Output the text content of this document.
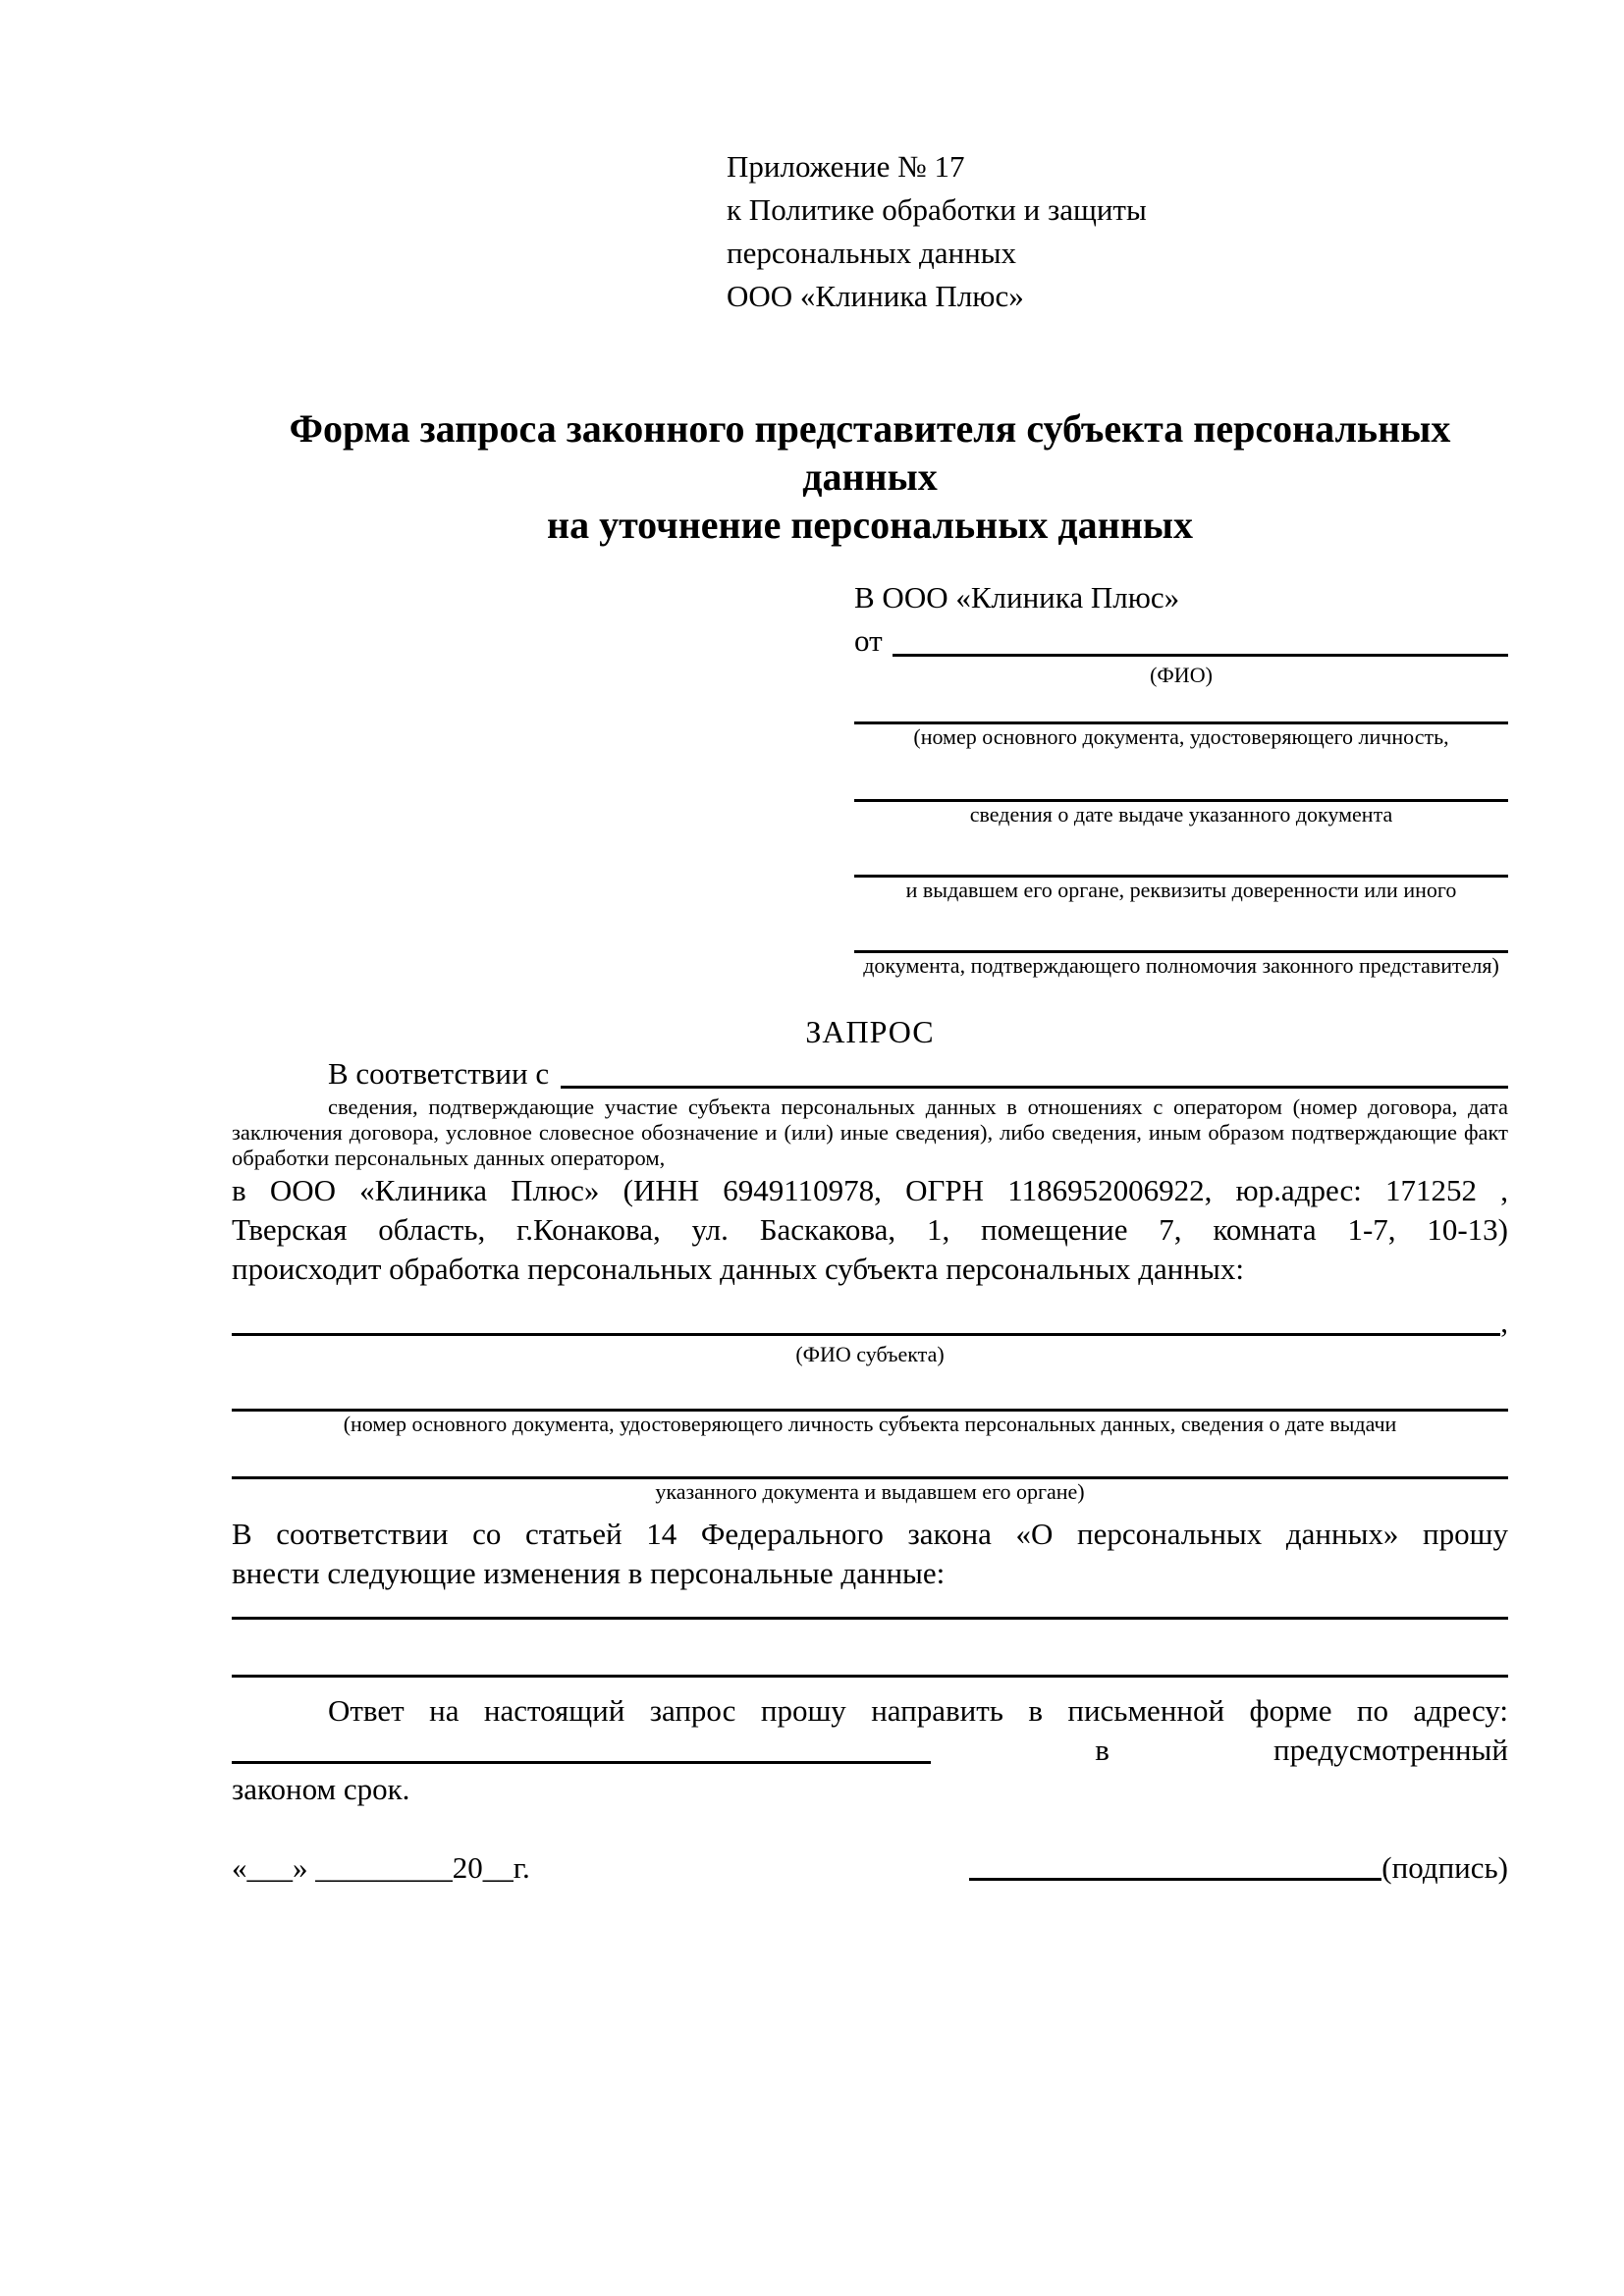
Приложение № 17
к Политике обработки и защиты
персональных данных
ООО «Клиника Плюс»
Форма запроса законного представителя субъекта персональных данных
на уточнение персональных данных
В ООО «Клиника Плюс»
от
(ФИО)
(номер основного документа, удостоверяющего личность,
сведения о дате выдаче указанного документа
и выдавшем его органе, реквизиты доверенности или иного
документа, подтверждающего полномочия законного представителя)
ЗАПРОС
В соответствии с
сведения, подтверждающие участие субъекта персональных данных в отношениях с оператором (номер договора, дата заключения договора, условное словесное обозначение и (или) иные сведения), либо сведения, иным образом подтверждающие факт обработки персональных данных оператором,
в ООО «Клиника Плюс» (ИНН 6949110978, ОГРН 1186952006922, юр.адрес: 171252 ,
Тверская область, г.Конакова, ул. Баскакова, 1, помещение 7, комната 1-7, 10-13)
происходит обработка персональных данных субъекта персональных данных:
,
(ФИО субъекта)
(номер основного документа, удостоверяющего личность субъекта персональных данных, сведения о дате выдачи
указанного документа и выдавшем его органе)
В соответствии со статьей 14 Федерального закона «О персональных данных» прошу
внести следующие изменения в персональные данные:
Ответ на настоящий запрос прошу направить в письменной форме по адресу:
в	предусмотренный
законом срок.
«___» _________20__г.	(подпись)
